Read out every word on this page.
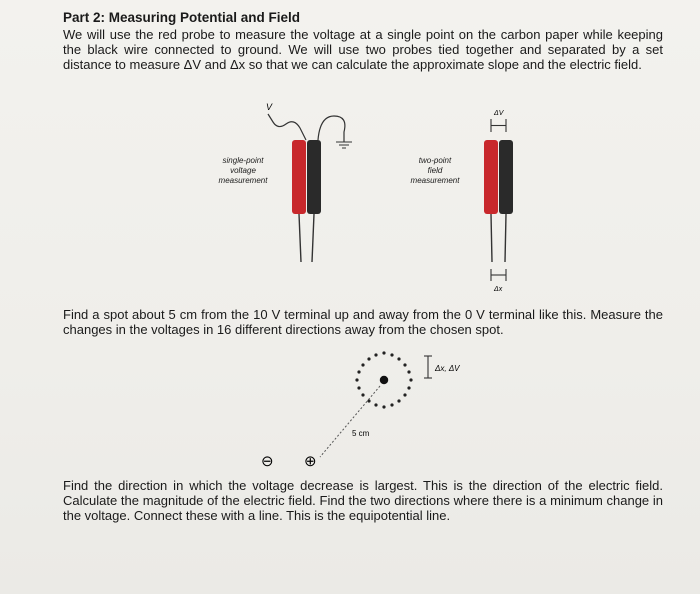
Part 2: Measuring Potential and Field
We will use the red probe to measure the voltage at a single point on the carbon paper while keeping the black wire connected to ground. We will use two probes tied together and separated by a set distance to measure ΔV and Δx so that we can calculate the approximate slope and the electric field.
V
ΔV
Δx
Δx, ΔV
5 cm
⊖ ⊕
single-point
voltage
measurement
two-point
field
measurement
Find a spot about 5 cm from the 10 V terminal up and away from the 0 V terminal like this. Measure the changes in the voltages in 16 different directions away from the chosen spot.
Find the direction in which the voltage decrease is largest. This is the direction of the electric field. Calculate the magnitude of the electric field. Find the two directions where there is a minimum change in the voltage. Connect these with a line. This is the equipotential line.
